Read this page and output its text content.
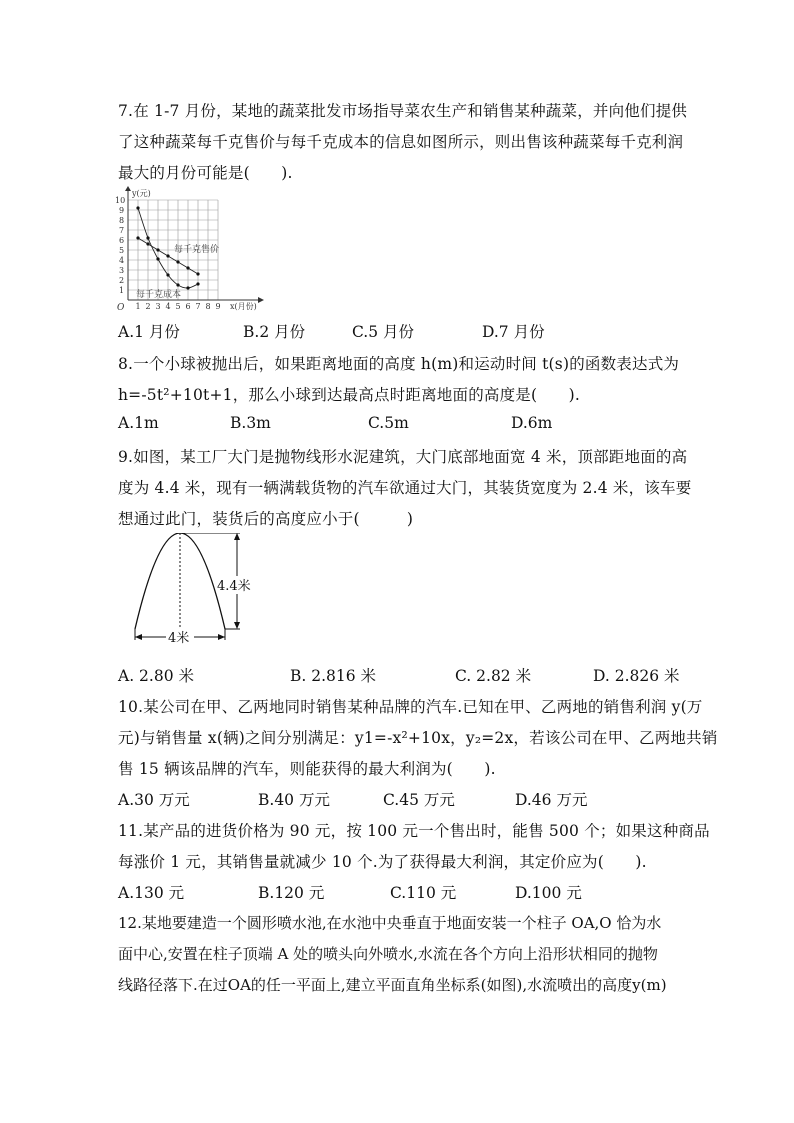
7.在 1-7 月份，某地的蔬菜批发市场指导菜农生产和销售某种蔬菜，并向他们提供
了这种蔬菜每千克售价与每千克成本的信息如图所示，则出售该种蔬菜每千克利润
最大的月份可能是(　　).
1 2 3 4 5 6 7 8 9
1
2
3
4
5
6
7
8
9
10
O
y(元)
x(月份)
每千克售价
每千克成本
A.1 月份	B.2 月份	C.5 月份	D.7 月份
8.一个小球被抛出后，如果距离地面的高度 h(m)和运动时间 t(s)的函数表达式为
h=-5t²+10t+1，那么小球到达最高点时距离地面的高度是(　　).
A.1m	B.3m	C.5m	D.6m
9.如图，某工厂大门是抛物线形水泥建筑，大门底部地面宽 4 米，顶部距地面的高
度为 4.4 米，现有一辆满载货物的汽车欲通过大门，其装货宽度为 2.4 米，该车要
想通过此门，装货后的高度应小于(　　　)
4.4米
4米
A. 2.80 米	B. 2.816 米	C. 2.82 米	D. 2.826 米
10.某公司在甲、乙两地同时销售某种品牌的汽车.已知在甲、乙两地的销售利润 y(万
元)与销售量 x(辆)之间分别满足：y1=-x²+10x，y₂=2x，若该公司在甲、乙两地共销
售 15 辆该品牌的汽车，则能获得的最大利润为(　　).
A.30 万元	B.40 万元	C.45 万元	D.46 万元
11.某产品的进货价格为 90 元，按 100 元一个售出时，能售 500 个；如果这种商品
每涨价 1 元，其销售量就减少 10 个.为了获得最大利润，其定价应为(　　).
A.130 元	B.120 元	C.110 元	D.100 元
12.某地要建造一个圆形喷水池,在水池中央垂直于地面安装一个柱子 OA,O 恰为水
面中心,安置在柱子顶端 A 处的喷头向外喷水,水流在各个方向上沿形状相同的抛物
线路径落下.在过OA的任一平面上,建立平面直角坐标系(如图),水流喷出的高度y(m)
